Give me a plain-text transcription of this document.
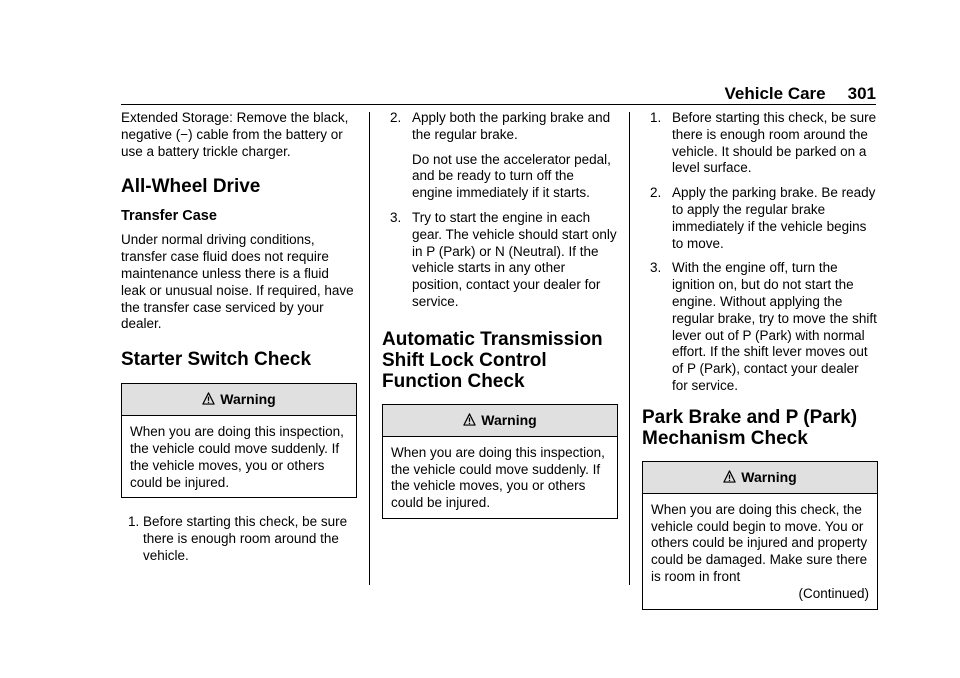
Vehicle Care 301

Extended Storage: Remove the black, negative (−) cable from the battery or use a battery trickle charger.

All-Wheel Drive
Transfer Case

Under normal driving conditions, transfer case fluid does not require maintenance unless there is a fluid leak or unusual noise. If required, have the transfer case serviced by your dealer.

Starter Switch Check
Warning
When you are doing this inspection, the vehicle could move suddenly. If the vehicle moves, you or others could be injured.
1. Before starting this check, be sure there is enough room around the vehicle.

2. Apply both the parking brake and the regular brake.

Do not use the accelerator pedal, and be ready to turn off the engine immediately if it starts.

3. Try to start the engine in each gear. The vehicle should start only in P (Park) or N (Neutral). If the vehicle starts in any other position, contact your dealer for service.

Automatic Transmission Shift Lock Control Function Check
Warning
When you are doing this inspection, the vehicle could move suddenly. If the vehicle moves, you or others could be injured.
1. Before starting this check, be sure there is enough room around the vehicle. It should be parked on a level surface.

2. Apply the parking brake. Be ready to apply the regular brake immediately if the vehicle begins to move.

3. With the engine off, turn the ignition on, but do not start the engine. Without applying the regular brake, try to move the shift lever out of P (Park) with normal effort. If the shift lever moves out of P (Park), contact your dealer for service.

Park Brake and P (Park) Mechanism Check
Warning
When you are doing this check, the vehicle could begin to move. You or others could be injured and property could be damaged. Make sure there is room in front
(Continued)
